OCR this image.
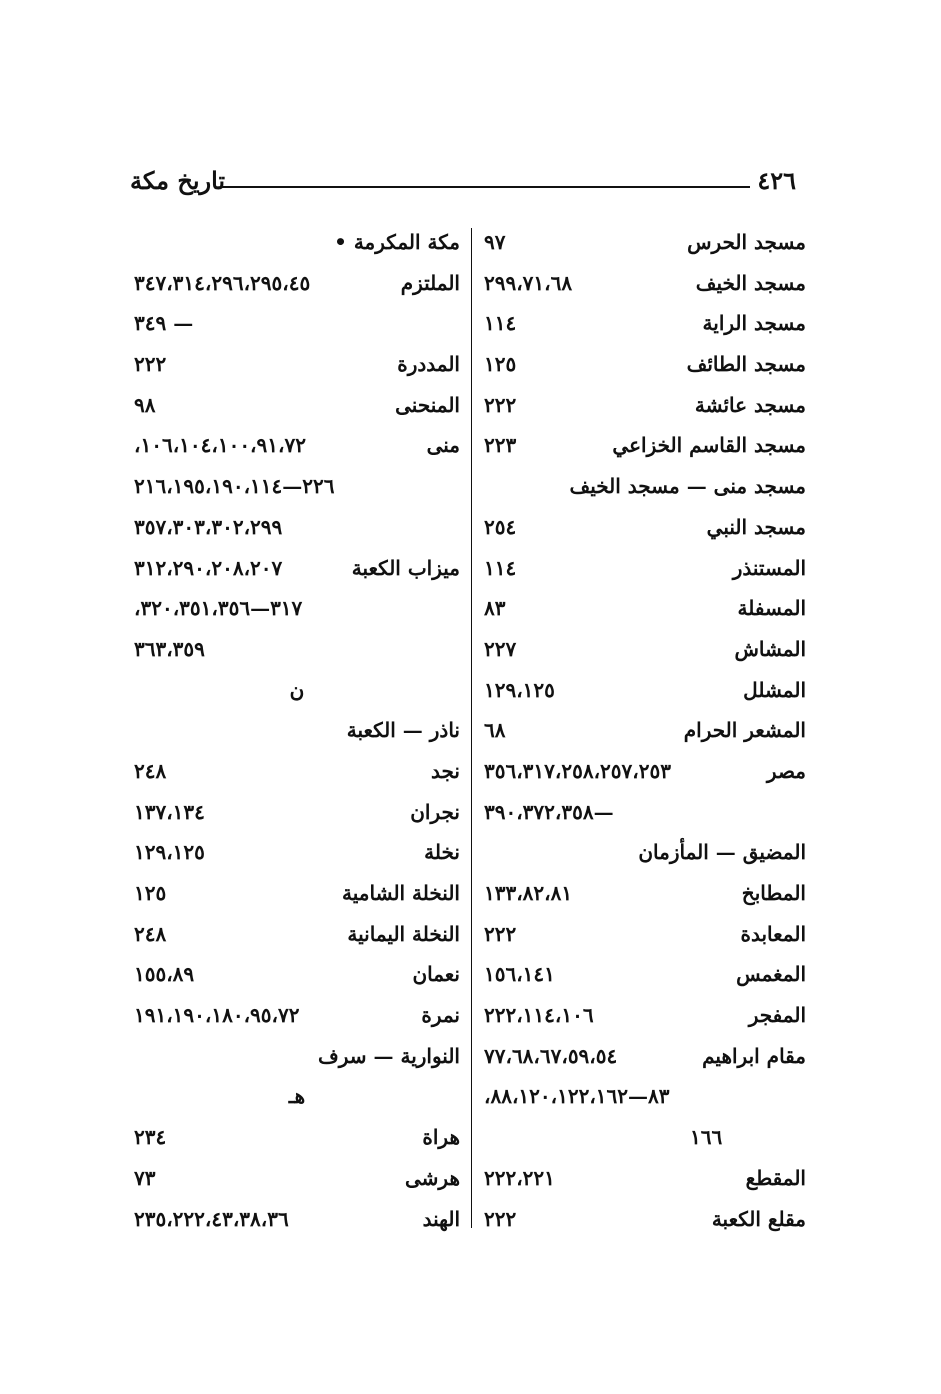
تاريخ مكة	٤٢٦
مسجد الحرس
٩٧
مسجد الخيف
٢٩٩،٧١،٦٨
مسجد الراية
١١٤
مسجد الطائف
١٢٥
مسجد عائشة
٢٢٢
مسجد القاسم الخزاعي
٢٢٣
مسجد منى — مسجد الخيف
مسجد النبي
٢٥٤
المستنذر
١١٤
المسفلة
٨٣
المشاش
٢٢٧
المشلل
١٢٩،١٢٥
المشعر الحرام
٦٨
مصر
٣٥٦،٣١٧،٢٥٨،٢٥٧،٢٥٣
—٣٩٠،٣٧٢،٣٥٨
المضيق — المأزمان
المطابخ
١٣٣،٨٢،٨١
المعابدة
٢٢٢
المغمس
١٥٦،١٤١
المفجر
٢٢٢،١١٤،١٠٦
مقام ابراهيم
٧٧،٦٨،٦٧،٥٩،٥٤
٨٣—٨٨،١٢٠،١٢٢،١٦٢،
١٦٦
المقطع
٢٢٢،٢٢١
مقلع الكعبة
٢٢٢
مكة المكرمة •
الملتزم
٣٤٧،٣١٤،٢٩٦،٢٩٥،٤٥
— ٣٤٩
المددرة
٢٢٢
المنحنى
٩٨
منى
١٠٦،١٠٤،١٠٠،٩١،٧٢،
٢٢٦—٢١٦،١٩٥،١٩٠،١١٤
٣٥٧،٣٠٣،٣٠٢،٢٩٩
ميزاب الكعبة
٣١٢،٢٩٠،٢٠٨،٢٠٧
٣١٧—٣٢٠،٣٥١،٣٥٦،
٣٦٣،٣٥٩
ن
ناذر — الكعبة
نجد
٢٤٨
نجران
١٣٧،١٣٤
نخلة
١٢٩،١٢٥
النخلة الشامية
١٢٥
النخلة اليمانية
٢٤٨
نعمان
١٥٥،٨٩
نمرة
١٩١،١٩٠،١٨٠،٩٥،٧٢
النوارية — سرف
هـ
هراة
٢٣٤
هرشى
٧٣
الهند
٢٣٥،٢٢٢،٤٣،٣٨،٣٦
